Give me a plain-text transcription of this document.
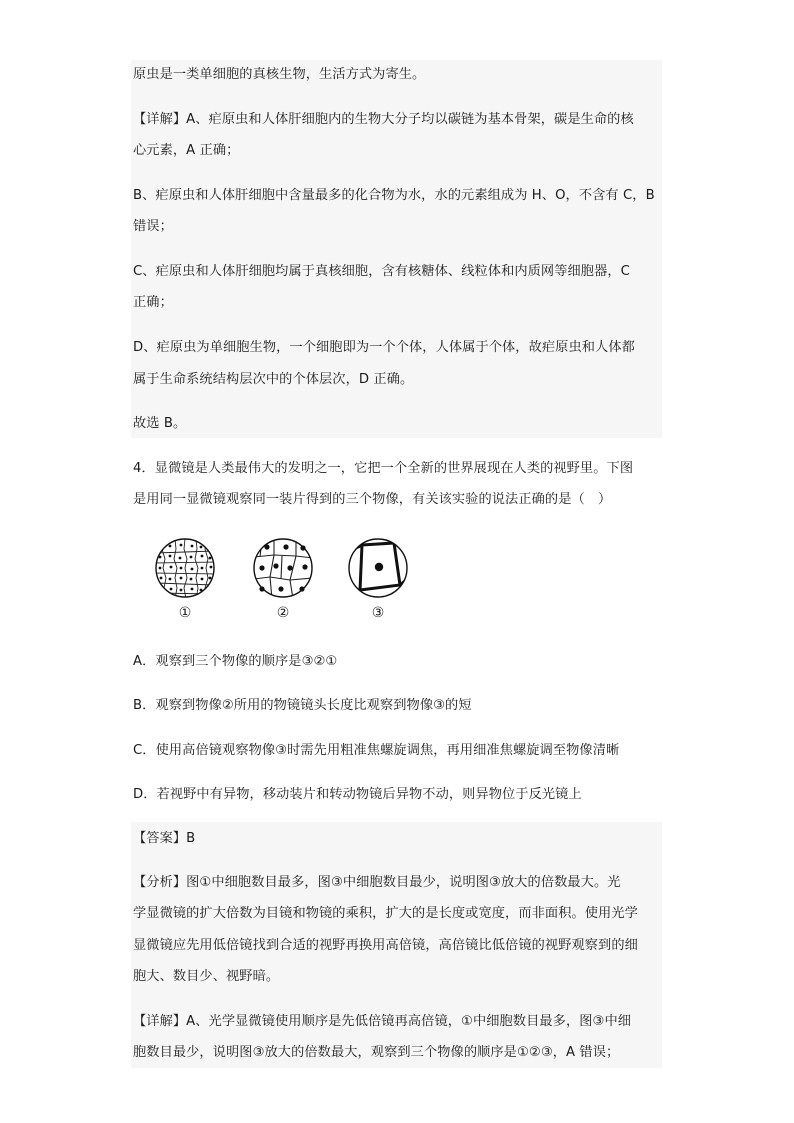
原虫是一类单细胞的真核生物，生活方式为寄生。
【详解】A、疟原虫和人体肝细胞内的生物大分子均以碳链为基本骨架，碳是生命的核
心元素，A 正确；
B、疟原虫和人体肝细胞中含量最多的化合物为水，水的元素组成为 H、O，不含有 C，B
错误；
C、疟原虫和人体肝细胞均属于真核细胞，含有核糖体、线粒体和内质网等细胞器，C
正确；
D、疟原虫为单细胞生物，一个细胞即为一个个体，人体属于个体，故疟原虫和人体都
属于生命系统结构层次中的个体层次，D 正确。
故选 B。
4．显微镜是人类最伟大的发明之一，它把一个全新的世界展现在人类的视野里。下图
是用同一显微镜观察同一装片得到的三个物像，有关该实验的说法正确的是（　）
①	②	③
A．观察到三个物像的顺序是③②①
B．观察到物像②所用的物镜镜头长度比观察到物像③的短
C．使用高倍镜观察物像③时需先用粗准焦螺旋调焦，再用细准焦螺旋调至物像清晰
D．若视野中有异物，移动装片和转动物镜后异物不动，则异物位于反光镜上
【答案】B
【分析】图①中细胞数目最多，图③中细胞数目最少，说明图③放大的倍数最大。光
学显微镜的扩大倍数为目镜和物镜的乘积，扩大的是长度或宽度，而非面积。使用光学
显微镜应先用低倍镜找到合适的视野再换用高倍镜，高倍镜比低倍镜的视野观察到的细
胞大、数目少、视野暗。
【详解】A、光学显微镜使用顺序是先低倍镜再高倍镜，①中细胞数目最多，图③中细
胞数目最少，说明图③放大的倍数最大，观察到三个物像的顺序是①②③，A 错误；
